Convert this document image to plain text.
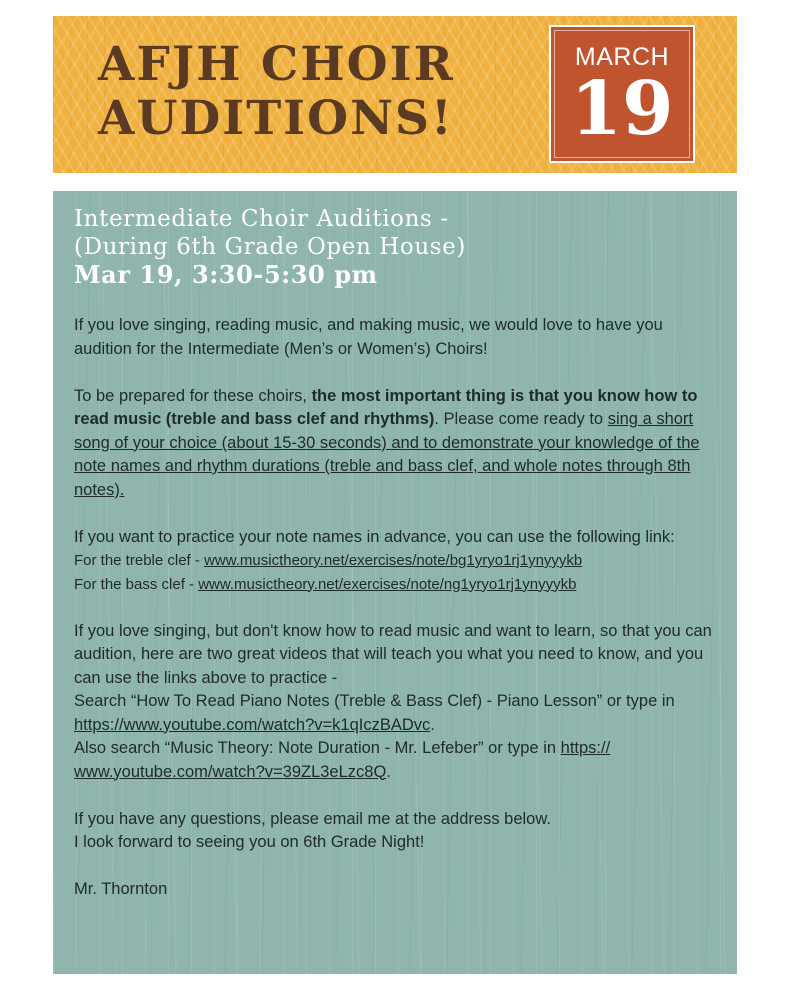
AFJH CHOIR
AUDITIONS!
MARCH
19
Intermediate Choir Auditions -
(During 6th Grade Open House)
Mar 19, 3:30-5:30 pm

If you love singing, reading music, and making music, we would love to have you audition for the Intermediate (Men’s or Women’s) Choirs!

To be prepared for these choirs, the most important thing is that you know how to read music (treble and bass clef and rhythms). Please come ready to sing a short song of your choice (about 15-30 seconds) and to demonstrate your knowledge of the note names and rhythm durations (treble and bass clef, and whole notes through 8th notes).

If you want to practice your note names in advance, you can use the following link:

For the treble clef - www.musictheory.net/exercises/note/bg1yryo1rj1ynyyykb
For the bass clef - www.musictheory.net/exercises/note/ng1yryo1rj1ynyyykb

If you love singing, but don't know how to read music and want to learn, so that you can audition, here are two great videos that will teach you what you need to know, and you can use the links above to practice -
Search “How To Read Piano Notes (Treble & Bass Clef) - Piano Lesson” or type in https://www.youtube.com/watch?v=k1qIczBADvc.
Also search “Music Theory: Note Duration - Mr. Lefeber” or type in https:// www.youtube.com/watch?v=39ZL3eLzc8Q.

If you have any questions, please email me at the address below.
I look forward to seeing you on 6th Grade Night!

Mr. Thornton
